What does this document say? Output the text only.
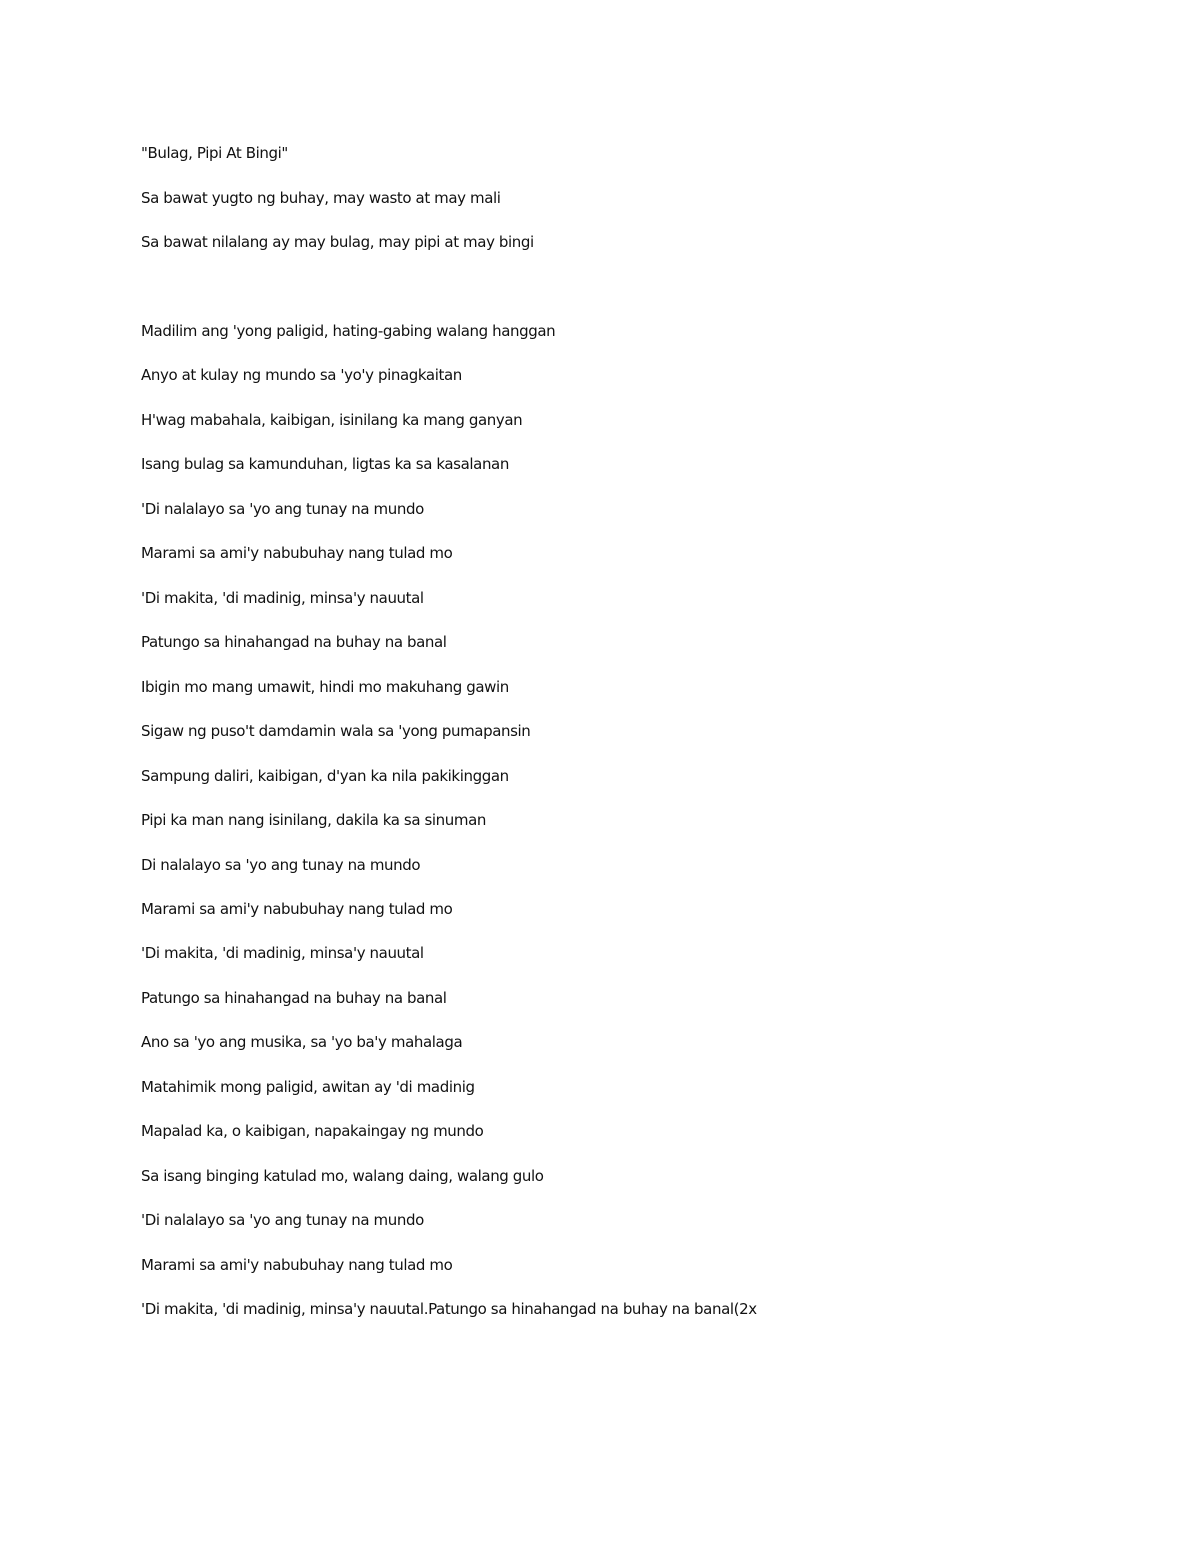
"Bulag, Pipi At Bingi"
Sa bawat yugto ng buhay, may wasto at may mali
Sa bawat nilalang ay may bulag, may pipi at may bingi
Madilim ang 'yong paligid, hating-gabing walang hanggan
Anyo at kulay ng mundo sa 'yo'y pinagkaitan
H'wag mabahala, kaibigan, isinilang ka mang ganyan
Isang bulag sa kamunduhan, ligtas ka sa kasalanan
'Di nalalayo sa 'yo ang tunay na mundo
Marami sa ami'y nabubuhay nang tulad mo
'Di makita, 'di madinig, minsa'y nauutal
Patungo sa hinahangad na buhay na banal
Ibigin mo mang umawit, hindi mo makuhang gawin
Sigaw ng puso't damdamin wala sa 'yong pumapansin
Sampung daliri, kaibigan, d'yan ka nila pakikinggan
Pipi ka man nang isinilang, dakila ka sa sinuman
Di nalalayo sa 'yo ang tunay na mundo
Marami sa ami'y nabubuhay nang tulad mo
'Di makita, 'di madinig, minsa'y nauutal
Patungo sa hinahangad na buhay na banal
Ano sa 'yo ang musika, sa 'yo ba'y mahalaga
Matahimik mong paligid, awitan ay 'di madinig
Mapalad ka, o kaibigan, napakaingay ng mundo
Sa isang binging katulad mo, walang daing, walang gulo
'Di nalalayo sa 'yo ang tunay na mundo
Marami sa ami'y nabubuhay nang tulad mo
'Di makita, 'di madinig, minsa'y nauutal.Patungo sa hinahangad na buhay na banal(2x
